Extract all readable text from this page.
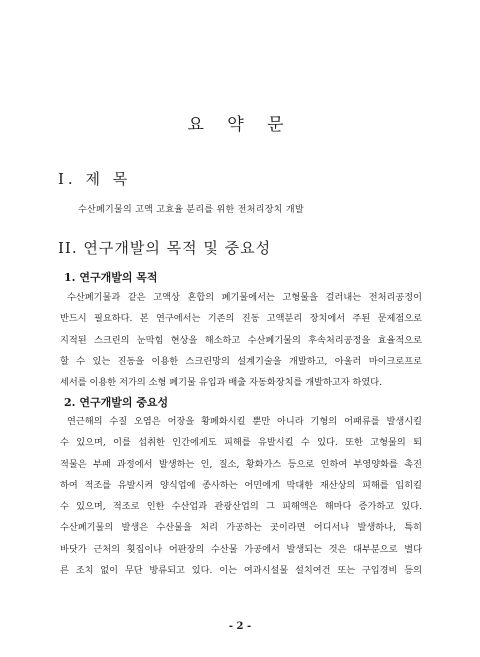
요 약 문
I. 제 목
수산폐기물의 고액 고효율 분리를 위한 전처리장치 개발
II. 연구개발의 목적 및 중요성
1. 연구개발의 목적
수산폐기물과 같은 고액상 혼합의 폐기물에서는 고형물을 걸러내는 전처리공정이
반드시 필요하다. 본 연구에서는 기존의 진동 고액분리 장치에서 주된 문제점으로
지적된 스크린의 눈막힘 현상을 해소하고 수산폐기물의 후속처리공정을 효율적으로
할 수 있는 진동을 이용한 스크린망의 설계기술을 개발하고, 아울러 마이크로프로
세서를 이용한 저가의 소형 폐기물 유입과 배출 자동화장치를 개발하고자 하였다.
2. 연구개발의 중요성
연근해의 수질 오염은 어장을 황폐화시킬 뿐만 아니라 기형의 어패류를 발생시킬
수 있으며, 이를 섭취한 인간에게도 피해를 유발시킬 수 있다. 또한 고형물의 퇴
적물은 부패 과정에서 발생하는 인, 질소, 황화가스 등으로 인하여 부영양화를 촉진
하여 적조를 유발시켜 양식업에 종사하는 어민에게 막대한 재산상의 피해를 입히킬
수 있으며, 적조로 인한 수산업과 관광산업의 그 피해액은 해마다 증가하고 있다.
수산폐기물의 발생은 수산물을 처리 가공하는 곳이라면 어디서나 발생하나, 특히
바닷가 근처의 횟집이나 어판장의 수산물 가공에서 발생되는 것은 대부분으로 별다
른 조치 없이 무단 방류되고 있다. 이는 여과시설물 설치여건 또는 구입경비 등의
- 2 -
